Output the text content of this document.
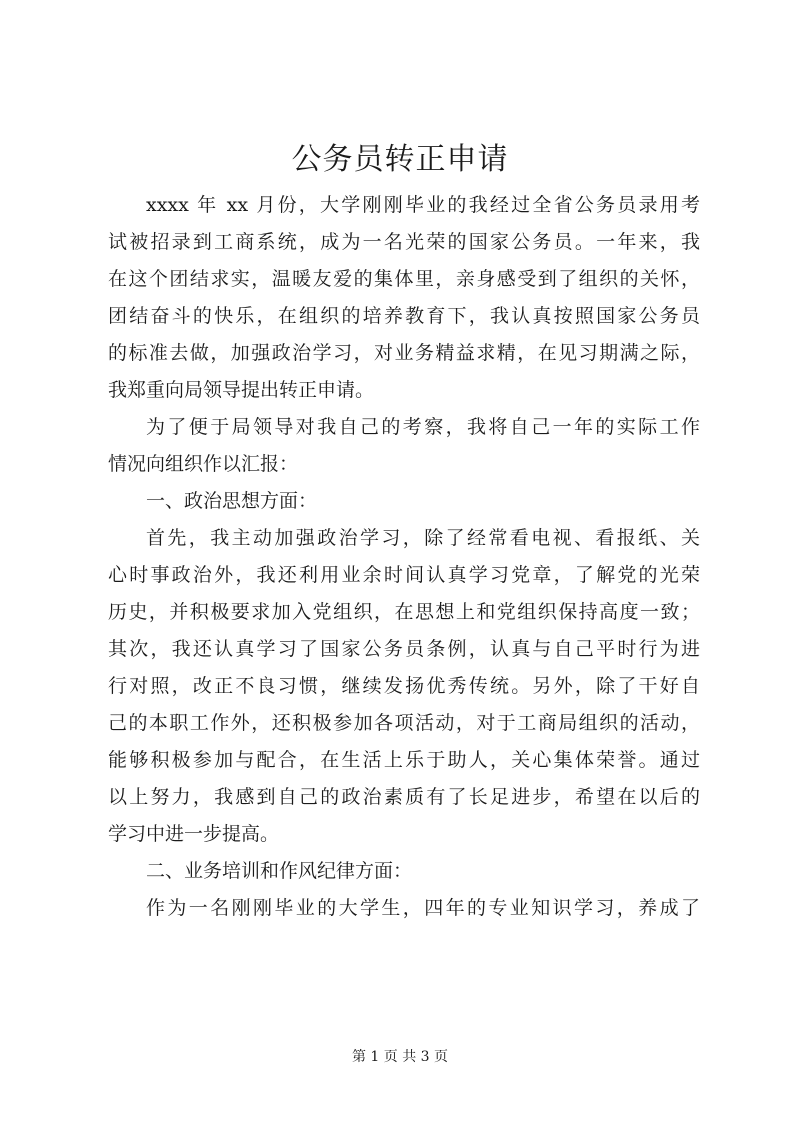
公务员转正申请
xxxx 年 xx 月份，大学刚刚毕业的我经过全省公务员录用考
试被招录到工商系统，成为一名光荣的国家公务员。一年来，我
在这个团结求实，温暖友爱的集体里，亲身感受到了组织的关怀，
团结奋斗的快乐，在组织的培养教育下，我认真按照国家公务员
的标准去做，加强政治学习，对业务精益求精，在见习期满之际，
我郑重向局领导提出转正申请。
为了便于局领导对我自己的考察，我将自己一年的实际工作
情况向组织作以汇报：
一、政治思想方面：
首先，我主动加强政治学习，除了经常看电视、看报纸、关
心时事政治外，我还利用业余时间认真学习党章，了解党的光荣
历史，并积极要求加入党组织，在思想上和党组织保持高度一致；
其次，我还认真学习了国家公务员条例，认真与自己平时行为进
行对照，改正不良习惯，继续发扬优秀传统。另外，除了干好自
己的本职工作外，还积极参加各项活动，对于工商局组织的活动，
能够积极参加与配合，在生活上乐于助人，关心集体荣誉。通过
以上努力，我感到自己的政治素质有了长足进步，希望在以后的
学习中进一步提高。
二、业务培训和作风纪律方面：
作为一名刚刚毕业的大学生，四年的专业知识学习，养成了
第 1 页 共 3 页
